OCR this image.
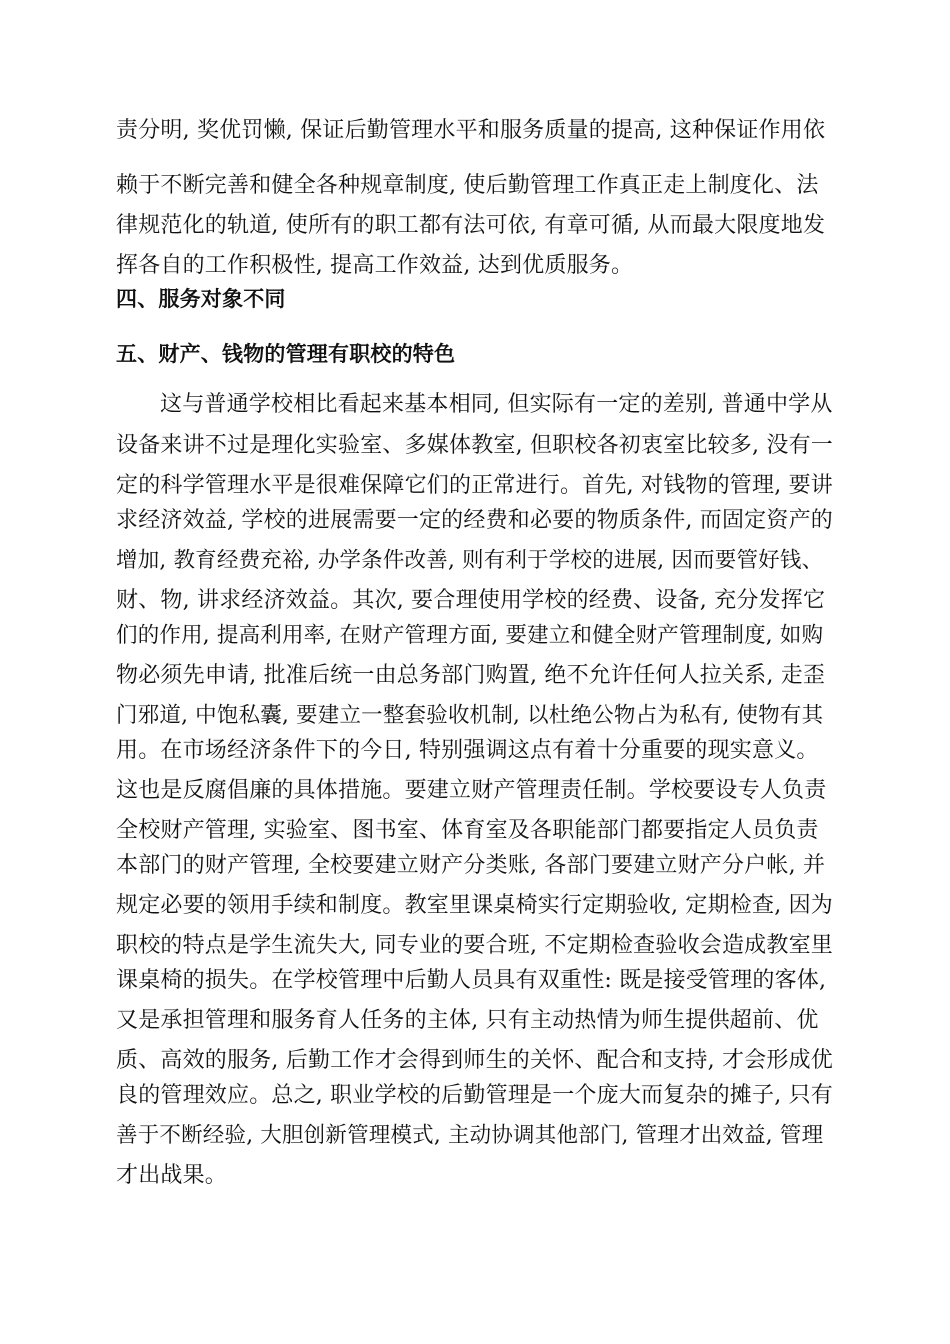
责分明, 奖优罚懒, 保证后勤管理水平和服务质量的提高, 这种保证作用依
赖于不断完善和健全各种规章制度, 使后勤管理工作真正走上制度化、法
律规范化的轨道, 使所有的职工都有法可依, 有章可循, 从而最大限度地发
挥各自的工作积极性, 提高工作效益, 达到优质服务。
四、服务对象不同
五、财产、钱物的管理有职校的特色
这与普通学校相比看起来基本相同, 但实际有一定的差别, 普通中学从
设备来讲不过是理化实验室、多媒体教室, 但职校各初衷室比较多, 没有一
定的科学管理水平是很难保障它们的正常进行。首先, 对钱物的管理, 要讲
求经济效益, 学校的进展需要一定的经费和必要的物质条件, 而固定资产的
增加, 教育经费充裕, 办学条件改善, 则有利于学校的进展, 因而要管好钱、
财、物, 讲求经济效益。其次, 要合理使用学校的经费、设备, 充分发挥它
们的作用, 提高利用率, 在财产管理方面, 要建立和健全财产管理制度, 如购
物必须先申请, 批准后统一由总务部门购置, 绝不允许任何人拉关系, 走歪
门邪道, 中饱私囊, 要建立一整套验收机制, 以杜绝公物占为私有, 使物有其
用。在市场经济条件下的今日, 特别强调这点有着十分重要的现实意义。
这也是反腐倡廉的具体措施。要建立财产管理责任制。学校要设专人负责
全校财产管理, 实验室、图书室、体育室及各职能部门都要指定人员负责
本部门的财产管理, 全校要建立财产分类账, 各部门要建立财产分户帐, 并
规定必要的领用手续和制度。教室里课桌椅实行定期验收, 定期检查, 因为
职校的特点是学生流失大, 同专业的要合班, 不定期检查验收会造成教室里
课桌椅的损失。在学校管理中后勤人员具有双重性: 既是接受管理的客体,
又是承担管理和服务育人任务的主体, 只有主动热情为师生提供超前、优
质、高效的服务, 后勤工作才会得到师生的关怀、配合和支持, 才会形成优
良的管理效应。总之, 职业学校的后勤管理是一个庞大而复杂的摊子, 只有
善于不断经验, 大胆创新管理模式, 主动协调其他部门, 管理才出效益, 管理
才出战果。
